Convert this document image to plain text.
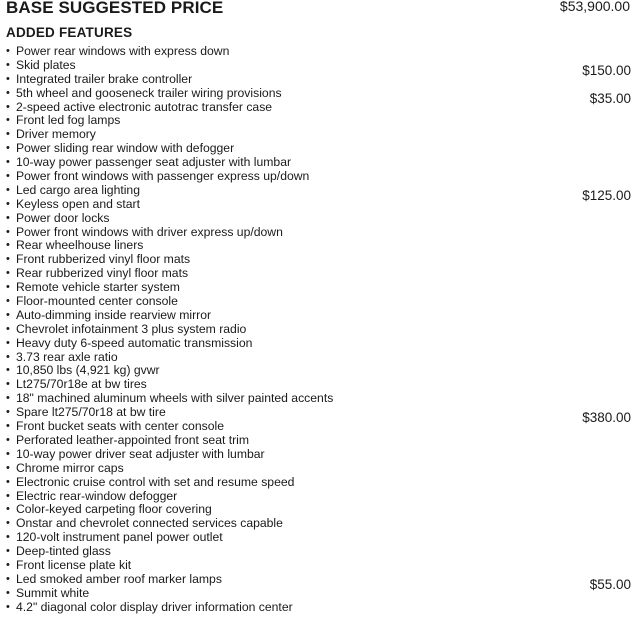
BASE SUGGESTED PRICE	$53,900.00
ADDED FEATURES
• Power rear windows with express down
• Skid plates	$150.00
• Integrated trailer brake controller
• 5th wheel and gooseneck trailer wiring provisions	$35.00
• 2-speed active electronic autotrac transfer case
• Front led fog lamps
• Driver memory
• Power sliding rear window with defogger
• 10-way power passenger seat adjuster with lumbar
• Power front windows with passenger express up/down
• Led cargo area lighting	$125.00
• Keyless open and start
• Power door locks
• Power front windows with driver express up/down
• Rear wheelhouse liners
• Front rubberized vinyl floor mats
• Rear rubberized vinyl floor mats
• Remote vehicle starter system
• Floor-mounted center console
• Auto-dimming inside rearview mirror
• Chevrolet infotainment 3 plus system radio
• Heavy duty 6-speed automatic transmission
• 3.73 rear axle ratio
• 10,850 lbs (4,921 kg) gvwr
• Lt275/70r18e at bw tires
• 18" machined aluminum wheels with silver painted accents
• Spare lt275/70r18 at bw tire	$380.00
• Front bucket seats with center console
• Perforated leather-appointed front seat trim
• 10-way power driver seat adjuster with lumbar
• Chrome mirror caps
• Electronic cruise control with set and resume speed
• Electric rear-window defogger
• Color-keyed carpeting floor covering
• Onstar and chevrolet connected services capable
• 120-volt instrument panel power outlet
• Deep-tinted glass
• Front license plate kit
• Led smoked amber roof marker lamps	$55.00
• Summit white
• 4.2" diagonal color display driver information center
